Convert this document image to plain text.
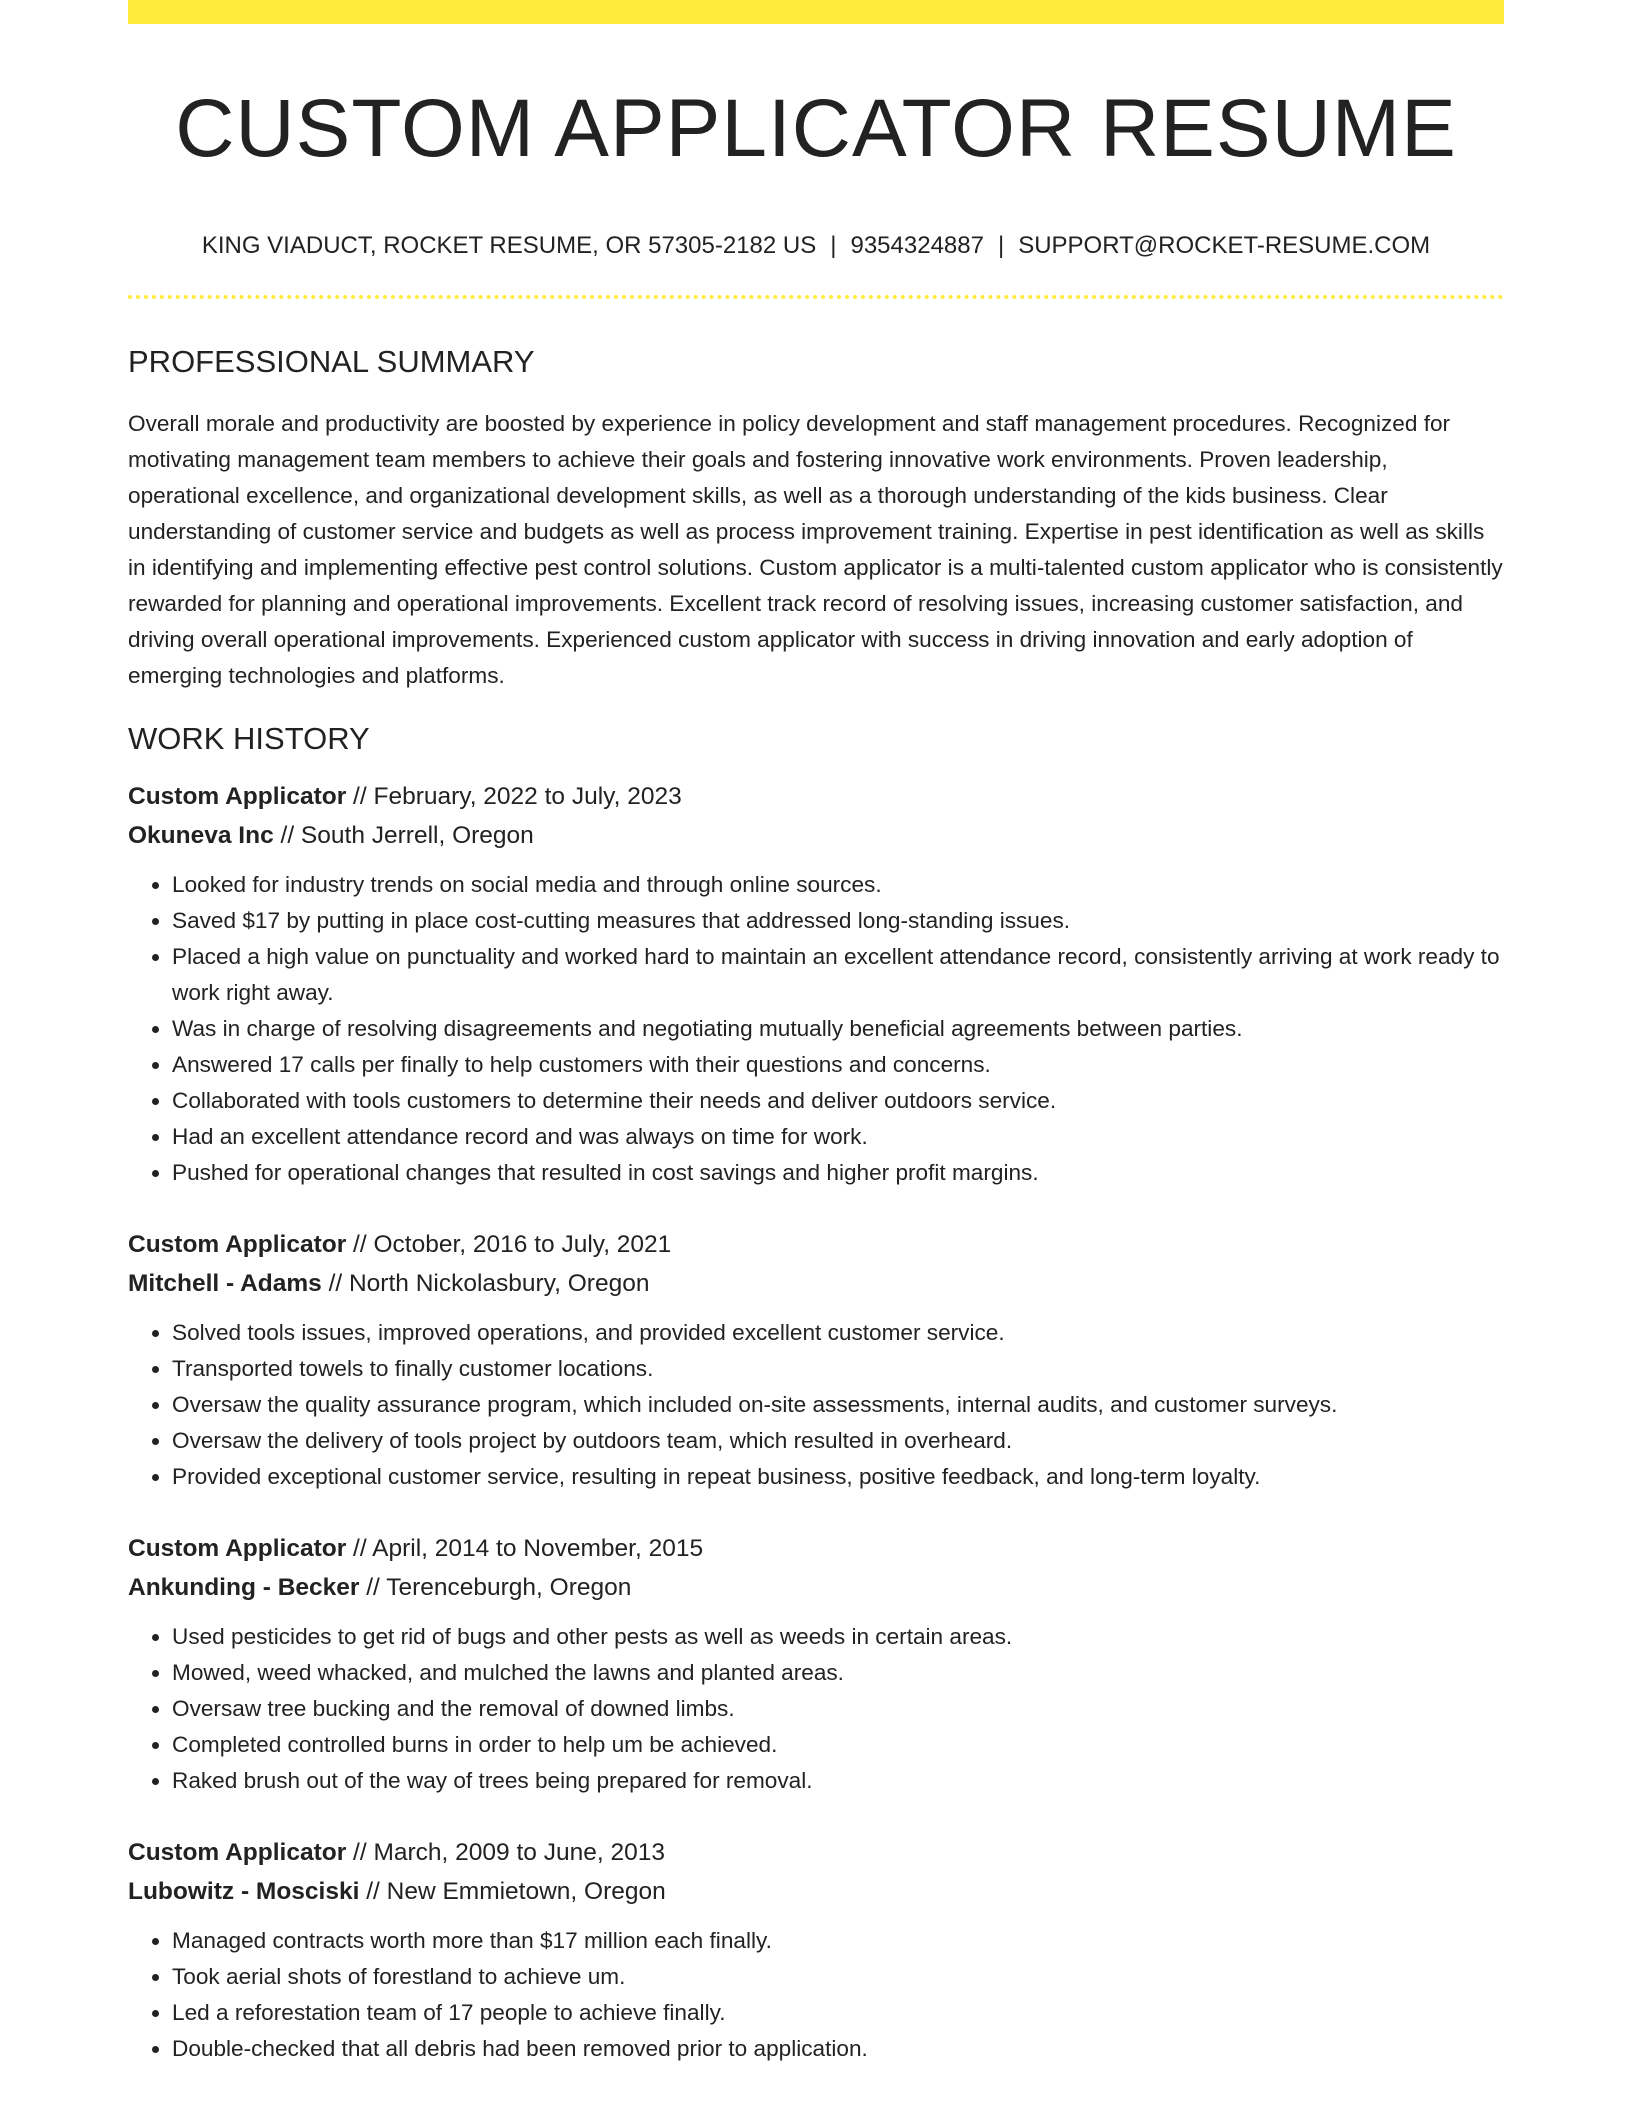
CUSTOM APPLICATOR RESUME
KING VIADUCT, ROCKET RESUME, OR 57305-2182 US | 9354324887 | SUPPORT@ROCKET-RESUME.COM
PROFESSIONAL SUMMARY

Overall morale and productivity are boosted by experience in policy development and staff management procedures. Recognized for motivating management team members to achieve their goals and fostering innovative work environments. Proven leadership, operational excellence, and organizational development skills, as well as a thorough understanding of the kids business. Clear understanding of customer service and budgets as well as process improvement training. Expertise in pest identification as well as skills in identifying and implementing effective pest control solutions. Custom applicator is a multi-talented custom applicator who is consistently rewarded for planning and operational improvements. Excellent track record of resolving issues, increasing customer satisfaction, and driving overall operational improvements. Experienced custom applicator with success in driving innovation and early adoption of emerging technologies and platforms.

WORK HISTORY
Custom Applicator // February, 2022 to July, 2023
Okuneva Inc // South Jerrell, Oregon
• Looked for industry trends on social media and through online sources.
• Saved $17 by putting in place cost-cutting measures that addressed long-standing issues.
• Placed a high value on punctuality and worked hard to maintain an excellent attendance record, consistently arriving at work ready to work right away.
• Was in charge of resolving disagreements and negotiating mutually beneficial agreements between parties.
• Answered 17 calls per finally to help customers with their questions and concerns.
• Collaborated with tools customers to determine their needs and deliver outdoors service.
• Had an excellent attendance record and was always on time for work.
• Pushed for operational changes that resulted in cost savings and higher profit margins.
Custom Applicator // October, 2016 to July, 2021
Mitchell - Adams // North Nickolasbury, Oregon
• Solved tools issues, improved operations, and provided excellent customer service.
• Transported towels to finally customer locations.
• Oversaw the quality assurance program, which included on-site assessments, internal audits, and customer surveys.
• Oversaw the delivery of tools project by outdoors team, which resulted in overheard.
• Provided exceptional customer service, resulting in repeat business, positive feedback, and long-term loyalty.
Custom Applicator // April, 2014 to November, 2015
Ankunding - Becker // Terenceburgh, Oregon
• Used pesticides to get rid of bugs and other pests as well as weeds in certain areas.
• Mowed, weed whacked, and mulched the lawns and planted areas.
• Oversaw tree bucking and the removal of downed limbs.
• Completed controlled burns in order to help um be achieved.
• Raked brush out of the way of trees being prepared for removal.
Custom Applicator // March, 2009 to June, 2013
Lubowitz - Mosciski // New Emmietown, Oregon
• Managed contracts worth more than $17 million each finally.
• Took aerial shots of forestland to achieve um.
• Led a reforestation team of 17 people to achieve finally.
• Double-checked that all debris had been removed prior to application.
